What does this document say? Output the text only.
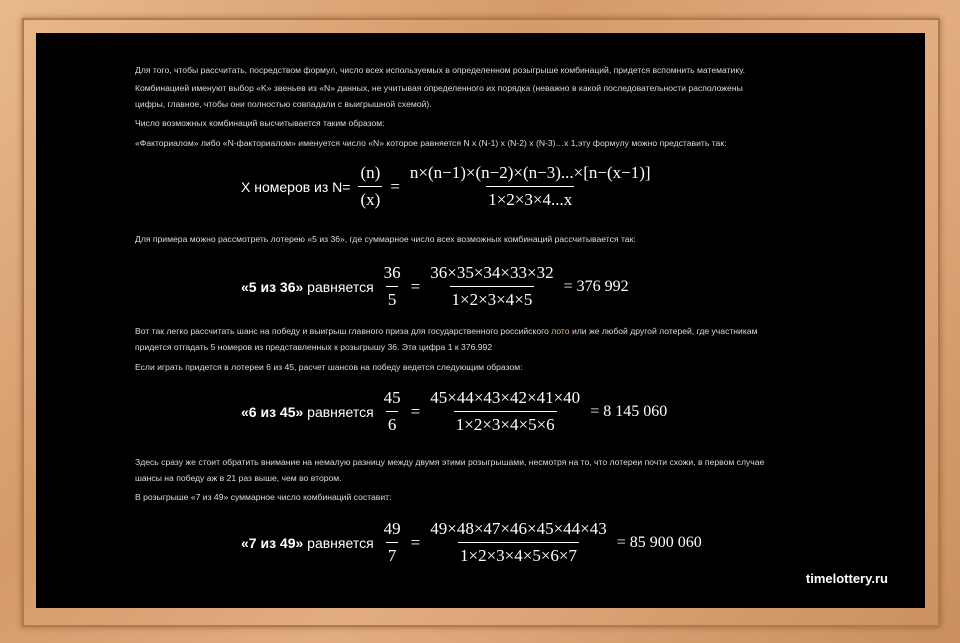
Для того, чтобы рассчитать, посредством формул, число всех используемых в определенном розыгрыше комбинаций, придется вспомнить математику.
Комбинацией именуют выбор «K» звеньев из «N» данных, не учитывая определенного их порядка (неважно в какой последовательности расположены
цифры, главное, чтобы они полностью совпадали с выигрышной схемой).
Число возможных комбинаций высчитывается таким образом:
«Факториалом» либо «N-факториалом» именуется число «N» которое равняется N x (N-1) x (N-2) x (N-3)…x 1,эту формулу можно представить так:
X номеров из $N= \frac{(n)}{(x)} = \frac{n\times(n-1)\times(n-2)\times(n-3)...\times[n-(x-1)]}{1\times 2\times 3\times 4...x}$
Для примера можно рассмотреть лотерею «5 из 36», где суммарное число всех возможных комбинаций рассчитывается так:
«5 из 36» равняется $\frac{36}{5} = \frac{36\times 35\times 34\times 33\times 32}{1\times 2\times 3\times 4\times 5} = 376$ 992
Вот так легко рассчитать шанс на победу и выигрыш главного приза для государственного российского лото или же любой другой лотерей, где участникам
придется отгадать 5 номеров из представленных к розыгрышу 36. Эта цифра 1 к 376.992
Если играть придется в лотереи 6 из 45, расчет шансов на победу ведется следующим образом:
«6 из 45» равняется $\frac{45}{6} = \frac{45\times 44\times 43\times 42\times 41\times 40}{1\times 2\times 3\times 4\times 5\times 6} = 8$ 145 060
Здесь сразу же стоит обратить внимание на немалую разницу между двумя этими розыгрышами, несмотря на то, что лотереи почти схожи, в первом случае
шансы на победу аж в 21 раз выше, чем во втором.
В розыгрыше «7 из 49» суммарное число комбинаций составит:
«7 из 49» равняется $\frac{49}{7} = \frac{49\times 48\times 47\times 46\times 45\times 44\times 43}{1\times 2\times 3\times 4\times 5\times 6\times 7} = 85$ 900 060
timelottery.ru
